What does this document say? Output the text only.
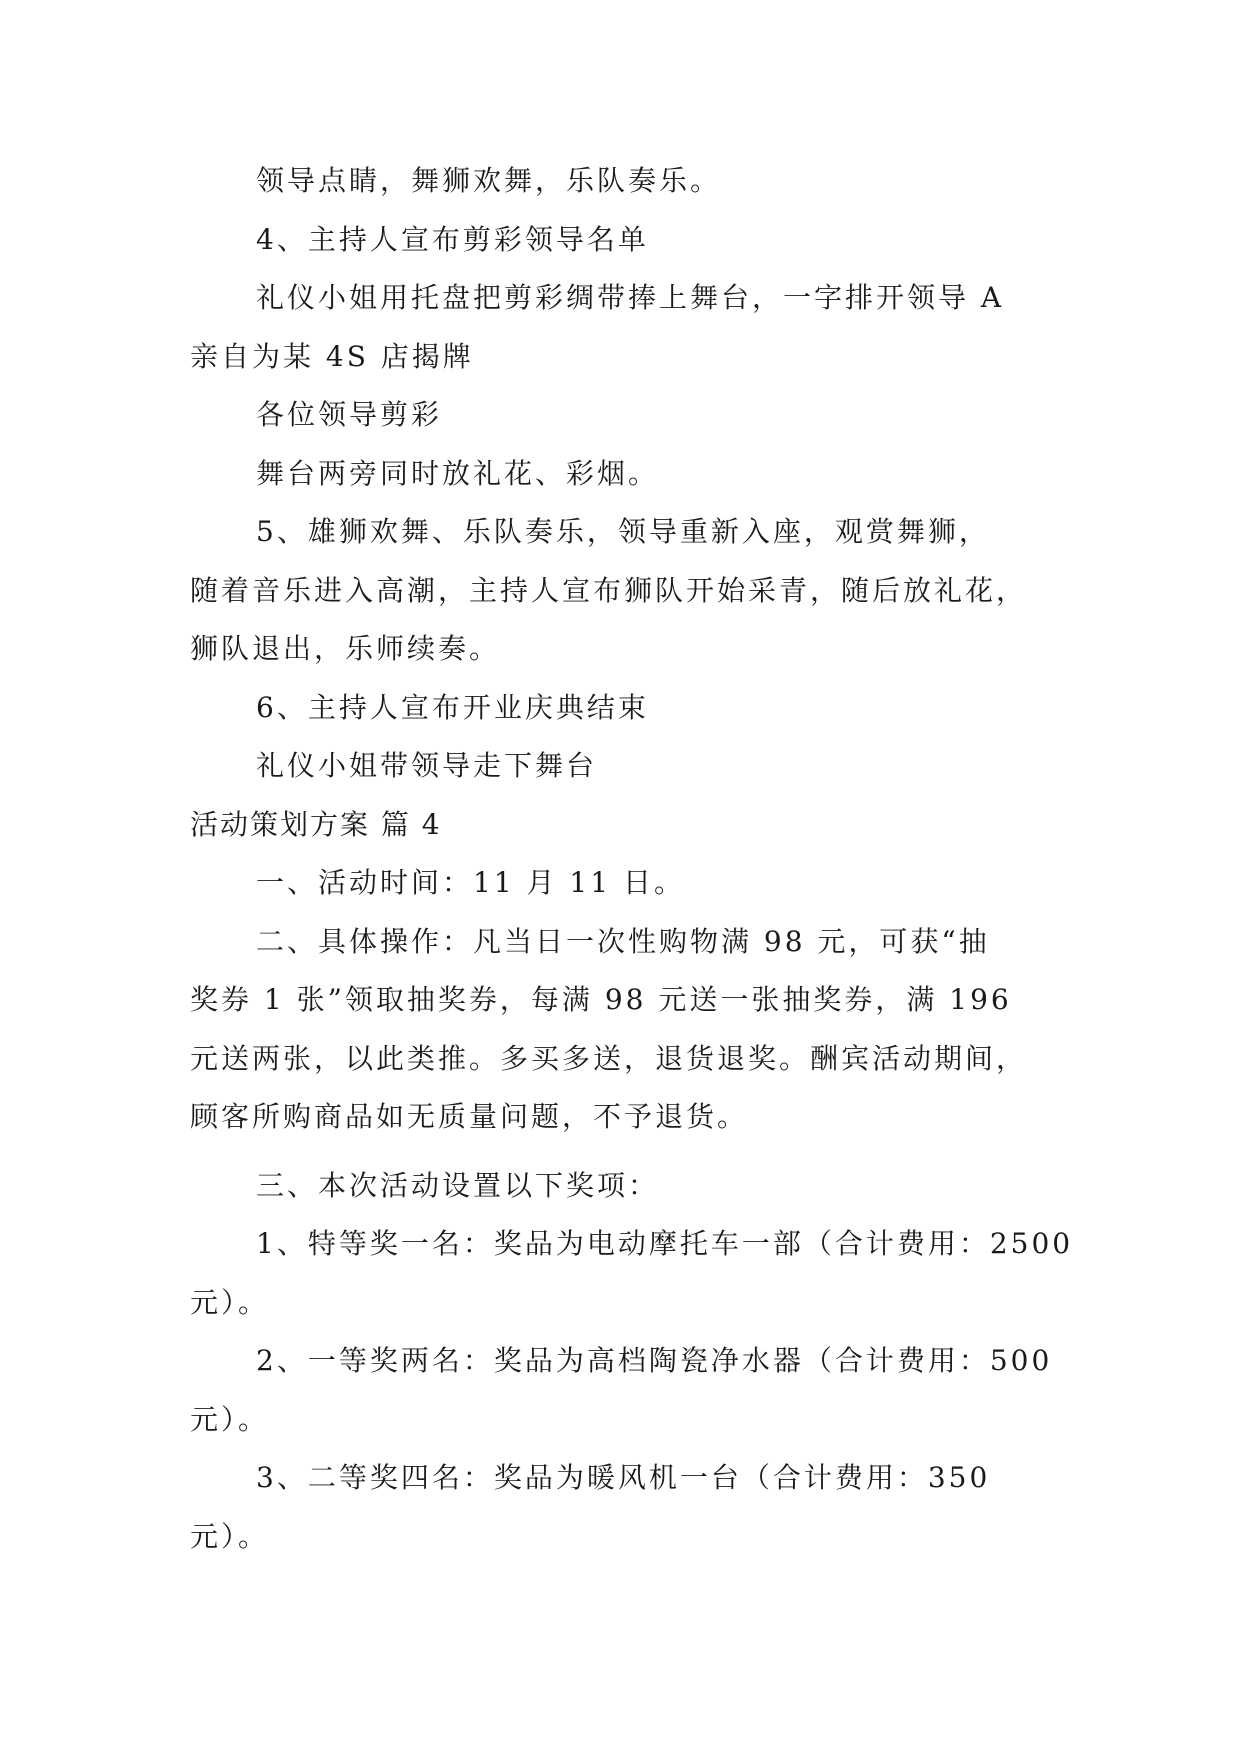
领导点睛，舞狮欢舞，乐队奏乐。
4、主持人宣布剪彩领导名单
礼仪小姐用托盘把剪彩绸带捧上舞台，一字排开领导 A
亲自为某 4S 店揭牌
各位领导剪彩
舞台两旁同时放礼花、彩烟。
5、雄狮欢舞、乐队奏乐，领导重新入座，观赏舞狮，
随着音乐进入高潮，主持人宣布狮队开始采青，随后放礼花，
狮队退出，乐师续奏。
6、主持人宣布开业庆典结束
礼仪小姐带领导走下舞台
活动策划方案 篇 4
一、活动时间：11 月 11 日。
二、具体操作：凡当日一次性购物满 98 元，可获“抽
奖券 1 张”领取抽奖券，每满 98 元送一张抽奖券，满 196
元送两张，以此类推。多买多送，退货退奖。酬宾活动期间，
顾客所购商品如无质量问题，不予退货。
三、本次活动设置以下奖项：
1、特等奖一名：奖品为电动摩托车一部（合计费用：2500
元）。
2、一等奖两名：奖品为高档陶瓷净水器（合计费用：500
元）。
3、二等奖四名：奖品为暖风机一台（合计费用：350
元）。
